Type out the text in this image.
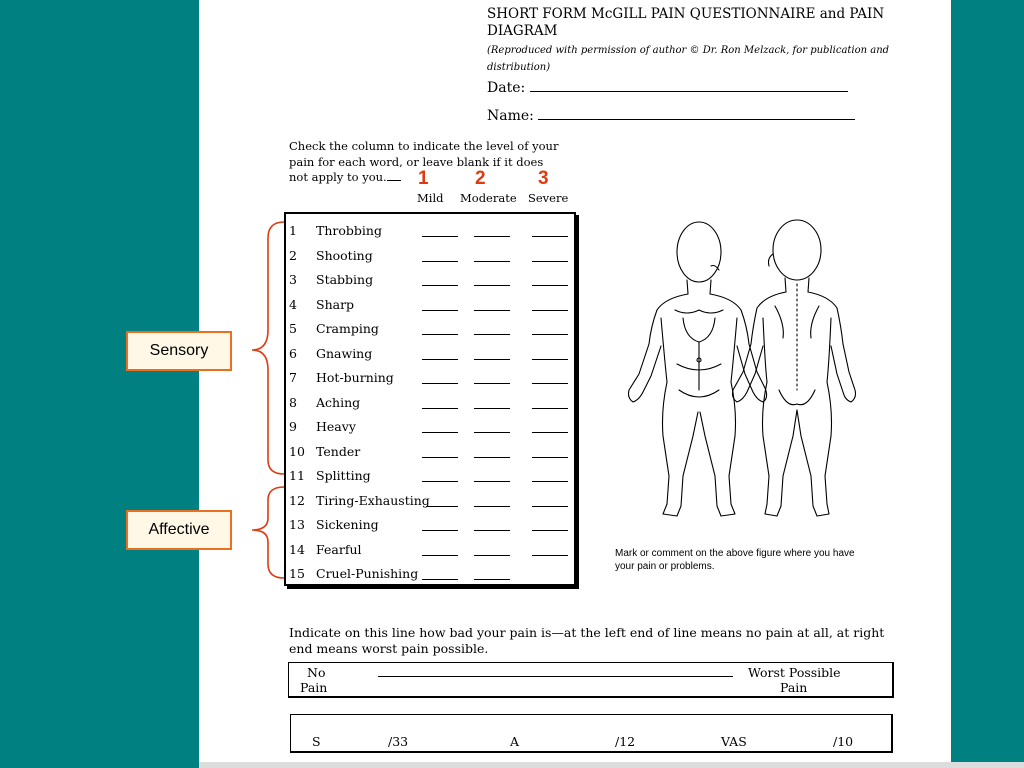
SHORT FORM McGILL PAIN QUESTIONNAIRE and PAIN DIAGRAM
(Reproduced with permission of author © Dr. Ron Melzack, for publication and distribution)
Date:
Name:
Check the column to indicate the level of your pain for each word, or leave blank if it does not apply to you.	1 2	3
Mild Moderate Severe
1 Throbbing
2 Shooting
3 Stabbing
4 Sharp
5 Cramping
6 Gnawing
7 Hot-burning
8 Aching
9 Heavy
10 Tender
11 Splitting
12 Tiring-Exhausting
13 Sickening
14 Fearful
15 Cruel-Punishing
Sensory
Affective
Mark or comment on the above figure where you have your pain or problems.
Indicate on this line how bad your pain is—at the left end of line means no pain at all, at right end means worst pain possible.
No
Pain
Worst Possible
Pain
S	/33	A	/12	VAS	/10
